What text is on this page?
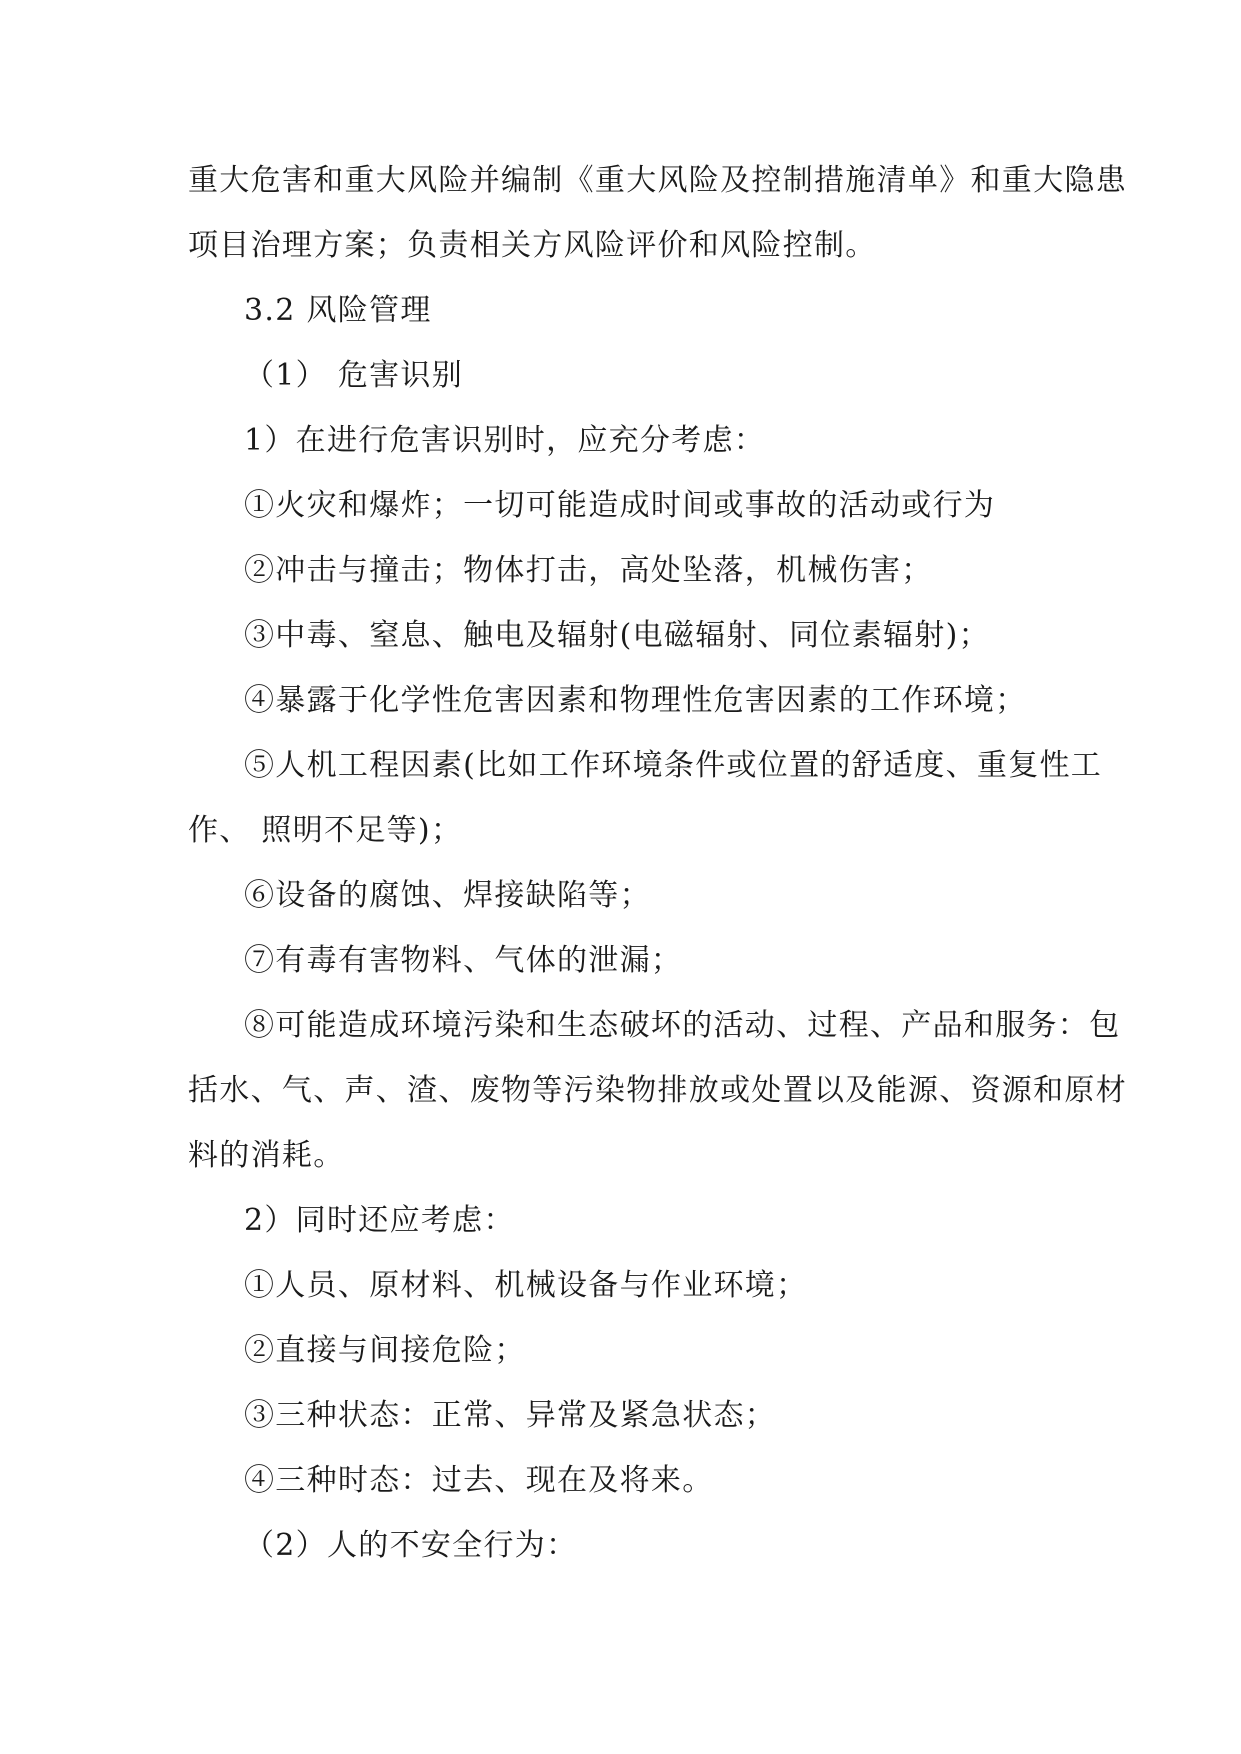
重大危害和重大风险并编制《重大风险及控制措施清单》和重大隐患

项目治理方案；负责相关方风险评价和风险控制。

3.2 风险管理

（1） 危害识别

1）在进行危害识别时，应充分考虑：

①火灾和爆炸；一切可能造成时间或事故的活动或行为

②冲击与撞击；物体打击，高处坠落，机械伤害；

③中毒、窒息、触电及辐射(电磁辐射、同位素辐射)；

④暴露于化学性危害因素和物理性危害因素的工作环境；

⑤人机工程因素(比如工作环境条件或位置的舒适度、重复性工

作、 照明不足等)；

⑥设备的腐蚀、焊接缺陷等；

⑦有毒有害物料、气体的泄漏；

⑧可能造成环境污染和生态破坏的活动、过程、产品和服务：包

括水、气、声、渣、废物等污染物排放或处置以及能源、资源和原材

料的消耗。

2）同时还应考虑：

①人员、原材料、机械设备与作业环境；

②直接与间接危险；

③三种状态：正常、异常及紧急状态；

④三种时态：过去、现在及将来。

（2）人的不安全行为：
